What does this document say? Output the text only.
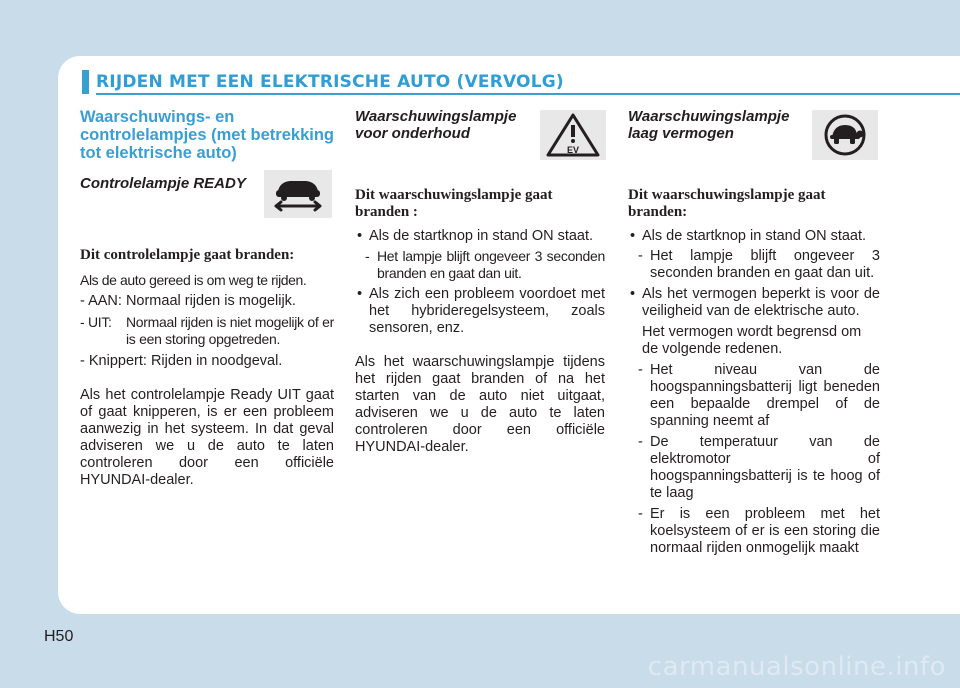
RIJDEN MET EEN ELEKTRISCHE AUTO (VERVOLG)
Waarschuwings- en controlelampjes (met betrekking tot elektrische auto)
Controlelampje READY
Dit controlelampje gaat branden:
Als de auto gereed is om weg te rijden.
- AAN: Normaal rijden is mogelijk.
- UIT: Normaal rijden is niet mogelijk of er is een storing opgetreden.
- Knippert: Rijden in noodgeval.
Als het controlelampje Ready UIT gaat of gaat knipperen, is er een probleem aanwezig in het systeem. In dat geval adviseren we u de auto te laten controleren door een officiële HYUNDAI-dealer.
Waarschuwingslampje voor onderhoud
Dit waarschuwingslampje gaat branden :
• Als de startknop in stand ON staat.
- Het lampje blijft ongeveer 3 seconden branden en gaat dan uit.
• Als zich een probleem voordoet met het hybrideregelsysteem, zoals sensoren, enz.
Als het waarschuwingslampje tijdens het rijden gaat branden of na het starten van de auto niet uitgaat, adviseren we u de auto te laten controleren door een officiële HYUNDAI-dealer.
EV
Waarschuwingslampje laag vermogen
Dit waarschuwingslampje gaat branden:
• Als de startknop in stand ON staat.
- Het lampje blijft ongeveer 3 seconden branden en gaat dan uit.
• Als het vermogen beperkt is voor de veiligheid van de elektrische auto.
Het vermogen wordt begrensd om de volgende redenen.
- Het niveau van de hoogspanningsbatterij ligt beneden een bepaalde drempel of de spanning neemt af
- De temperatuur van de elektromotor of hoogspanningsbatterij is te hoog of te laag
- Er is een probleem met het koelsysteem of er is een storing die normaal rijden onmogelijk maakt
H50
carmanualsonline.info
